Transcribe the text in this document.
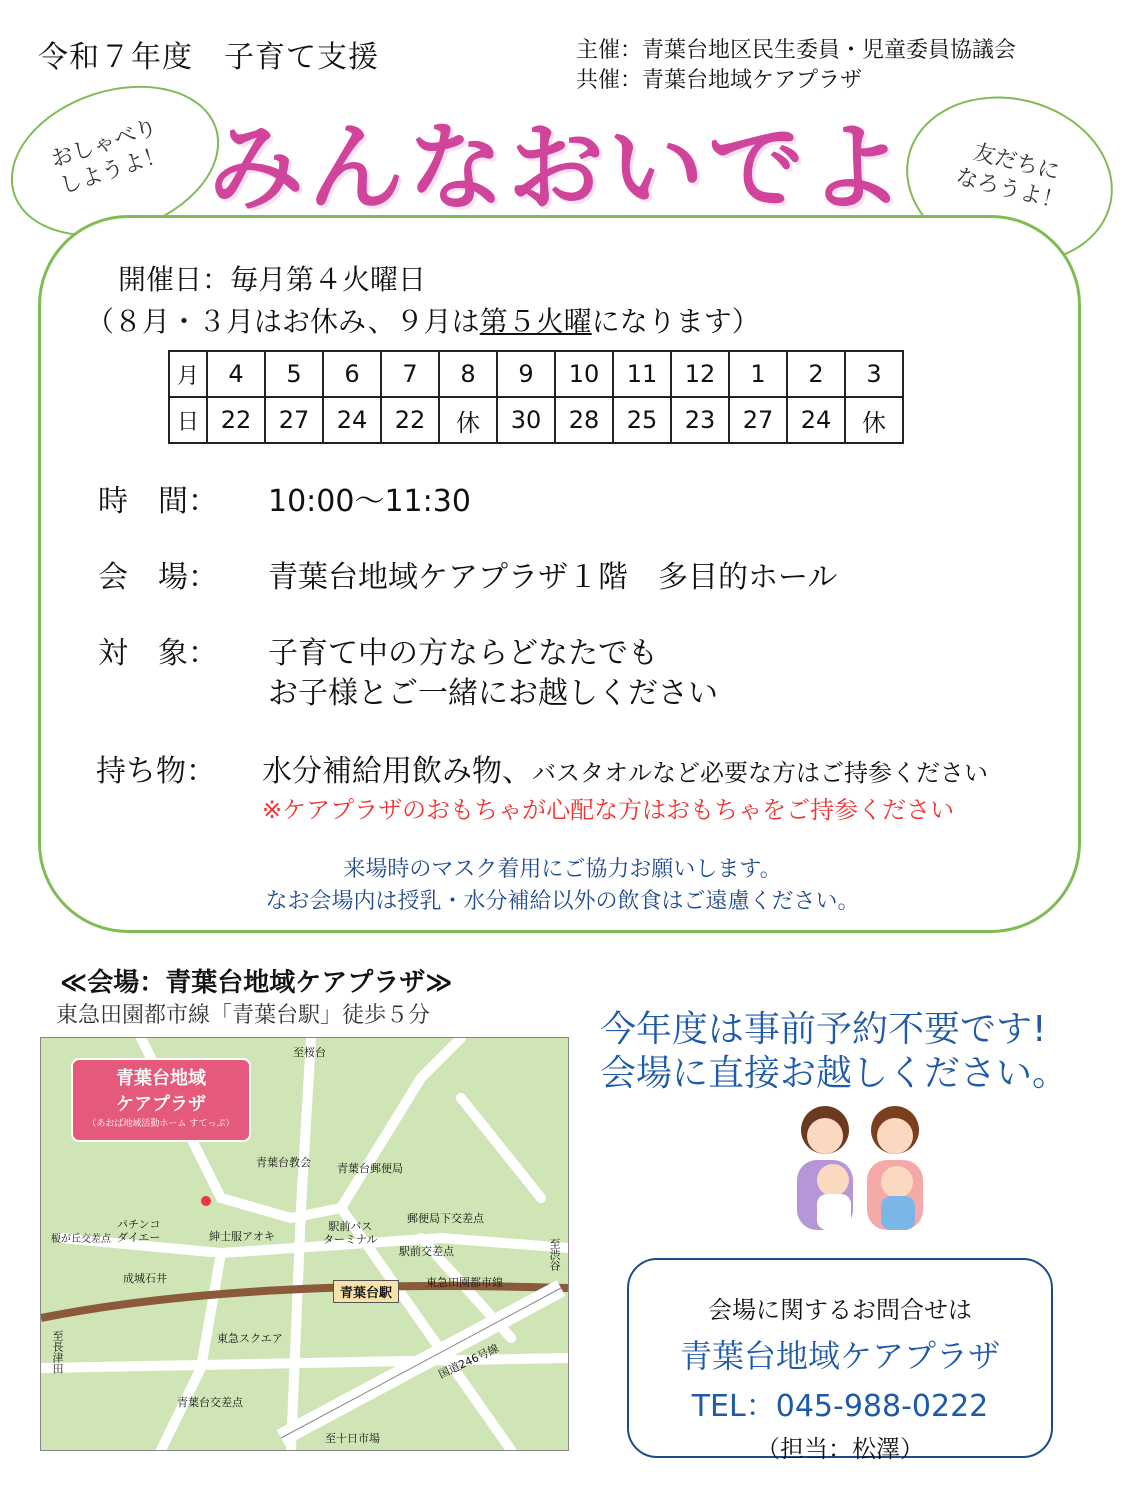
令和７年度　子育て支援	主催：青葉台地区民生委員・児童委員協議会
共催：青葉台地域ケアプラザ
おしゃべり
しようよ！	友だちに
なろうよ！
みんなおいでよ
開催日：毎月第４火曜日
（８月・３月はお休み、９月は第５火曜になります）
月	4	5	6	7	8	9	10	11	12	1	2	3
日	22	27	24	22	休	30	28	25	23	27	24	休
時　間： 10:00～11:30
会　場： 青葉台地域ケアプラザ１階　多目的ホール
対　象： 子育て中の方ならどなたでも
お子様とご一緒にお越しください
持ち物： 水分補給用飲み物、バスタオルなど必要な方はご持参ください
※ケアプラザのおもちゃが心配な方はおもちゃをご持参ください
来場時のマスク着用にご協力お願いします。
なお会場内は授乳・水分補給以外の飲食はご遠慮ください。
≪会場：青葉台地域ケアプラザ≫
東急田園都市線「青葉台駅」徒歩５分
青葉台地域
ケアプラザ
（あおば地域活動ホーム すてっぷ）
至桜台
青葉台教会 青葉台郵便局
郵便局下交差点
パチンコ
ダイエー	紳士服アオキ
駅前バス
ターミナル
駅前交差点
榎が丘交差点
成城石井
青葉台駅
東急田園都市線
至渋谷
至長津田	東急スクエア
国道246号線
青葉台交差点
至十日市場
今年度は事前予約不要です!
会場に直接お越しください。
会場に関するお問合せは
青葉台地域ケアプラザ
TEL：045-988-0222
（担当：松澤）
